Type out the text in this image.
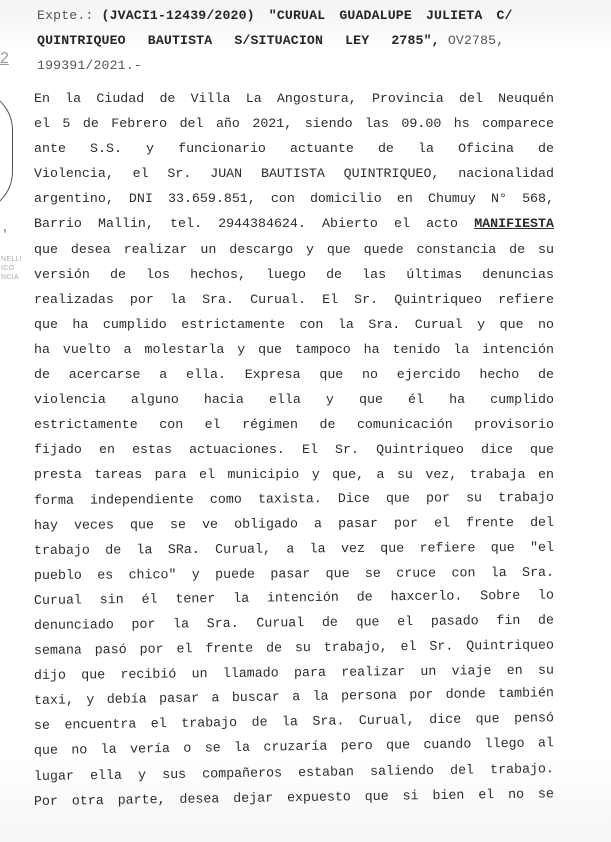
2
,
NELLI
ICO
NCIA
Expte.: (JVACI1-12439/2020) "CURUAL GUADALUPE JULIETA C/
QUINTRIQUEO BAUTISTA S/SITUACION LEY 2785", OV2785,
199391/2021.-
En la Ciudad de Villa La Angostura, Provincia del Neuquén
el 5 de Febrero del año 2021, siendo las 09.00 hs comparece
ante S.S. y funcionario actuante de la Oficina de
Violencia, el Sr. JUAN BAUTISTA QUINTRIQUEO, nacionalidad
argentino, DNI 33.659.851, con domicilio en Chumuy N° 568,
Barrio Mallin, tel. 2944384624. Abierto el acto MANIFIESTA
que desea realizar un descargo y que quede constancia de su
versión de los hechos, luego de las últimas denuncias
realizadas por la Sra. Curual. El Sr. Quintriqueo refiere
que ha cumplido estrictamente con la Sra. Curual y que no
ha vuelto a molestarla y que tampoco ha tenido la intención
de acercarse a ella. Expresa que no ejercido hecho de
violencia alguno hacia ella y que él ha cumplido
estrictamente con el régimen de comunicación provisorio
fijado en estas actuaciones. El Sr. Quintriqueo dice que
presta tareas para el municipio y que, a su vez, trabaja en
forma independiente como taxista. Dice que por su trabajo
hay veces que se ve obligado a pasar por el frente del
trabajo de la SRa. Curual, a la vez que refiere que "el
pueblo es chico" y puede pasar que se cruce con la Sra.
Curual sin él tener la intención de haxcerlo. Sobre lo
denunciado por la Sra. Curual de que el pasado fin de
semana pasó por el frente de su trabajo, el Sr. Quintriqueo
dijo que recibió un llamado para realizar un viaje en su
taxi, y debía pasar a buscar a la persona por donde también
se encuentra el trabajo de la Sra. Curual, dice que pensó
que no la vería o se la cruzaría pero que cuando llego al
lugar ella y sus compañeros estaban saliendo del trabajo.
Por otra parte, desea dejar expuesto que si bien el no se
